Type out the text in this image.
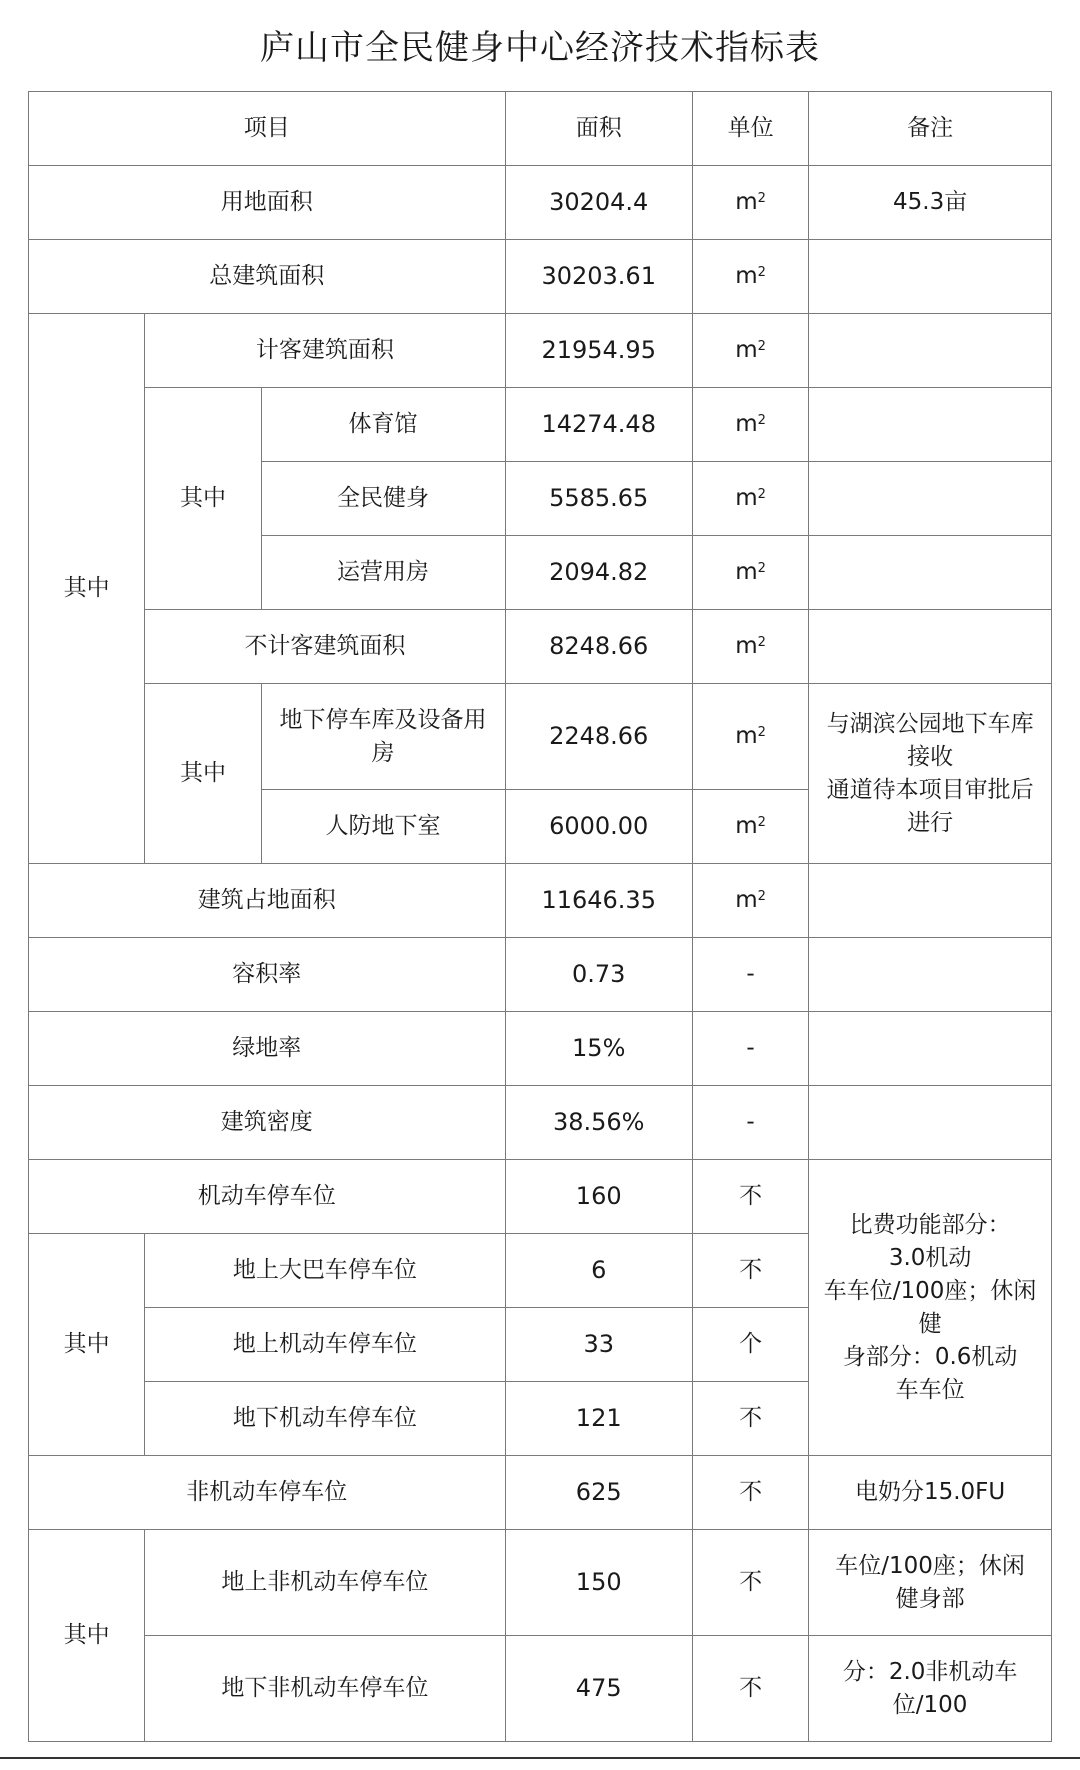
庐山市全民健身中心经济技术指标表
项目			面积	单位	备注
用地面积			30204.4	$m^2$	45.3亩
总建筑面积			30203.61	$m^2$	
其中	计客建筑面积		21954.95	$m^2$	
	其中	体育馆	14274.48	$m^2$	
		全民健身	5585.65	$m^2$	
		运营用房	2094.82	$m^2$	
	不计客建筑面积		8248.66	$m^2$	
	其中	地下停车库及设备用房	2248.66	$m^2$	与湖滨公园地下车库接收
通道待本项目审批后进行
		人防地下室	6000.00	$m^2$
建筑占地面积			11646.35	$m^2$	
容积率			0.73	-	
绿地率			15%	-	
建筑密度			38.56%	-	
机动车停车位			160	不	比费功能部分：
3.0机动
车车位/100座；休闲健
身部分：0.6机动
车车位
其中	地上大巴车停车位		6	不	
	地上机动车停车位		33	个	
	地下机动车停车位		121	不	
非机动车停车位			625	不	电奶分15.0FU
其中	地上非机动车停车位		150	不	车位/100座；休闲
健身部
	地下非机动车停车位		475	不	分：2.0非机动车
位/100
